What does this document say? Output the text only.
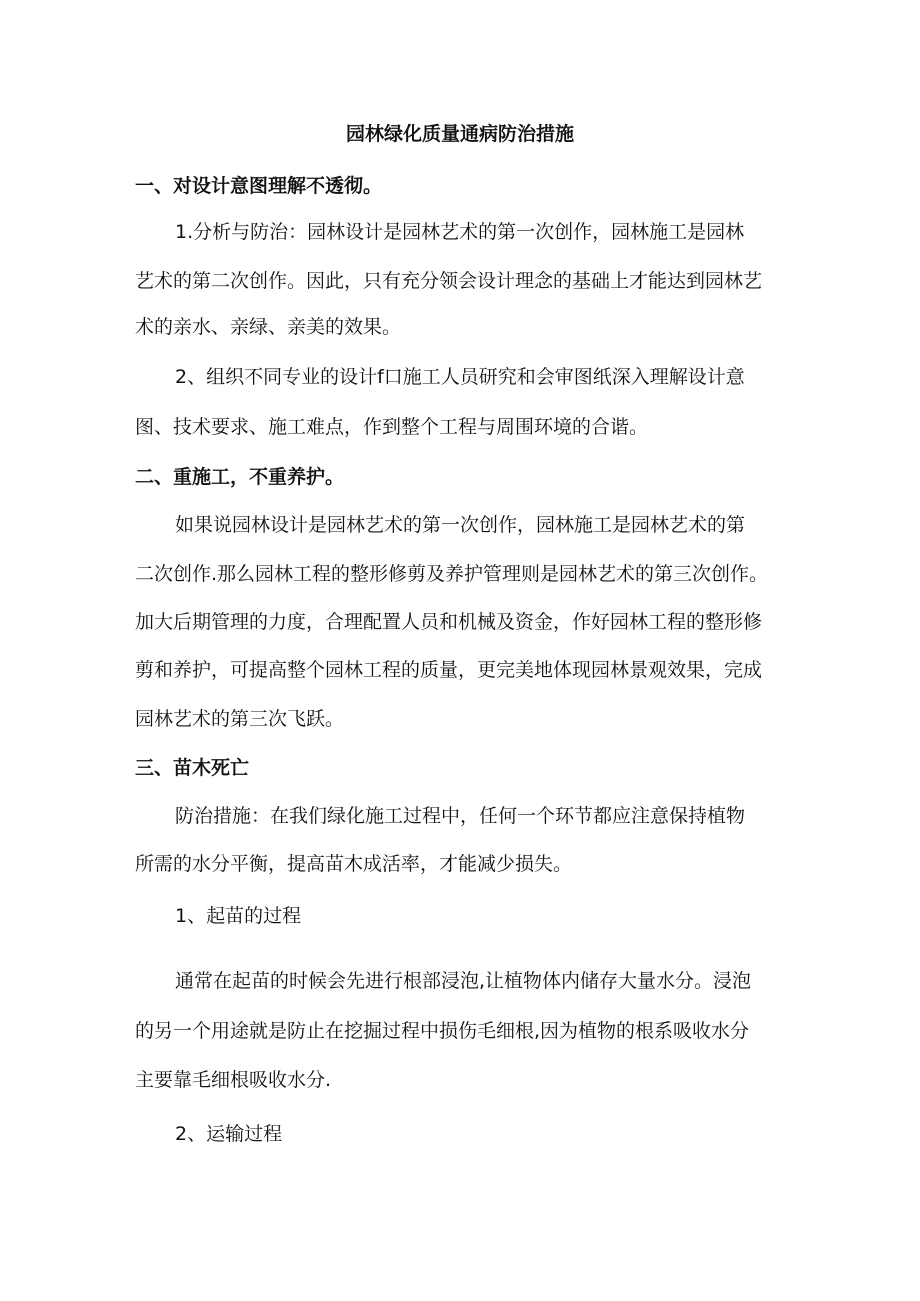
园林绿化质量通病防治措施
一、对设计意图理解不透彻。
1.分析与防治：园林设计是园林艺术的第一次创作，园林施工是园林
艺术的第二次创作。因此，只有充分领会设计理念的基础上才能达到园林艺
术的亲水、亲绿、亲美的效果。
2、组织不同专业的设计f口施工人员研究和会审图纸深入理解设计意
图、技术要求、施工难点，作到整个工程与周围环境的合谐。
二、重施工，不重养护。
如果说园林设计是园林艺术的第一次创作，园林施工是园林艺术的第
二次创作.那么园林工程的整形修剪及养护管理则是园林艺术的第三次创作。
加大后期管理的力度，合理配置人员和机械及资金，作好园林工程的整形修
剪和养护，可提高整个园林工程的质量，更完美地体现园林景观效果，完成
园林艺术的第三次飞跃。
三、苗木死亡
防治措施：在我们绿化施工过程中，任何一个环节都应注意保持植物
所需的水分平衡，提高苗木成活率，才能减少损失。
1、起苗的过程
通常在起苗的时候会先进行根部浸泡,让植物体内储存大量水分。浸泡
的另一个用途就是防止在挖掘过程中损伤毛细根,因为植物的根系吸收水分
主要靠毛细根吸收水分.
2、运输过程
